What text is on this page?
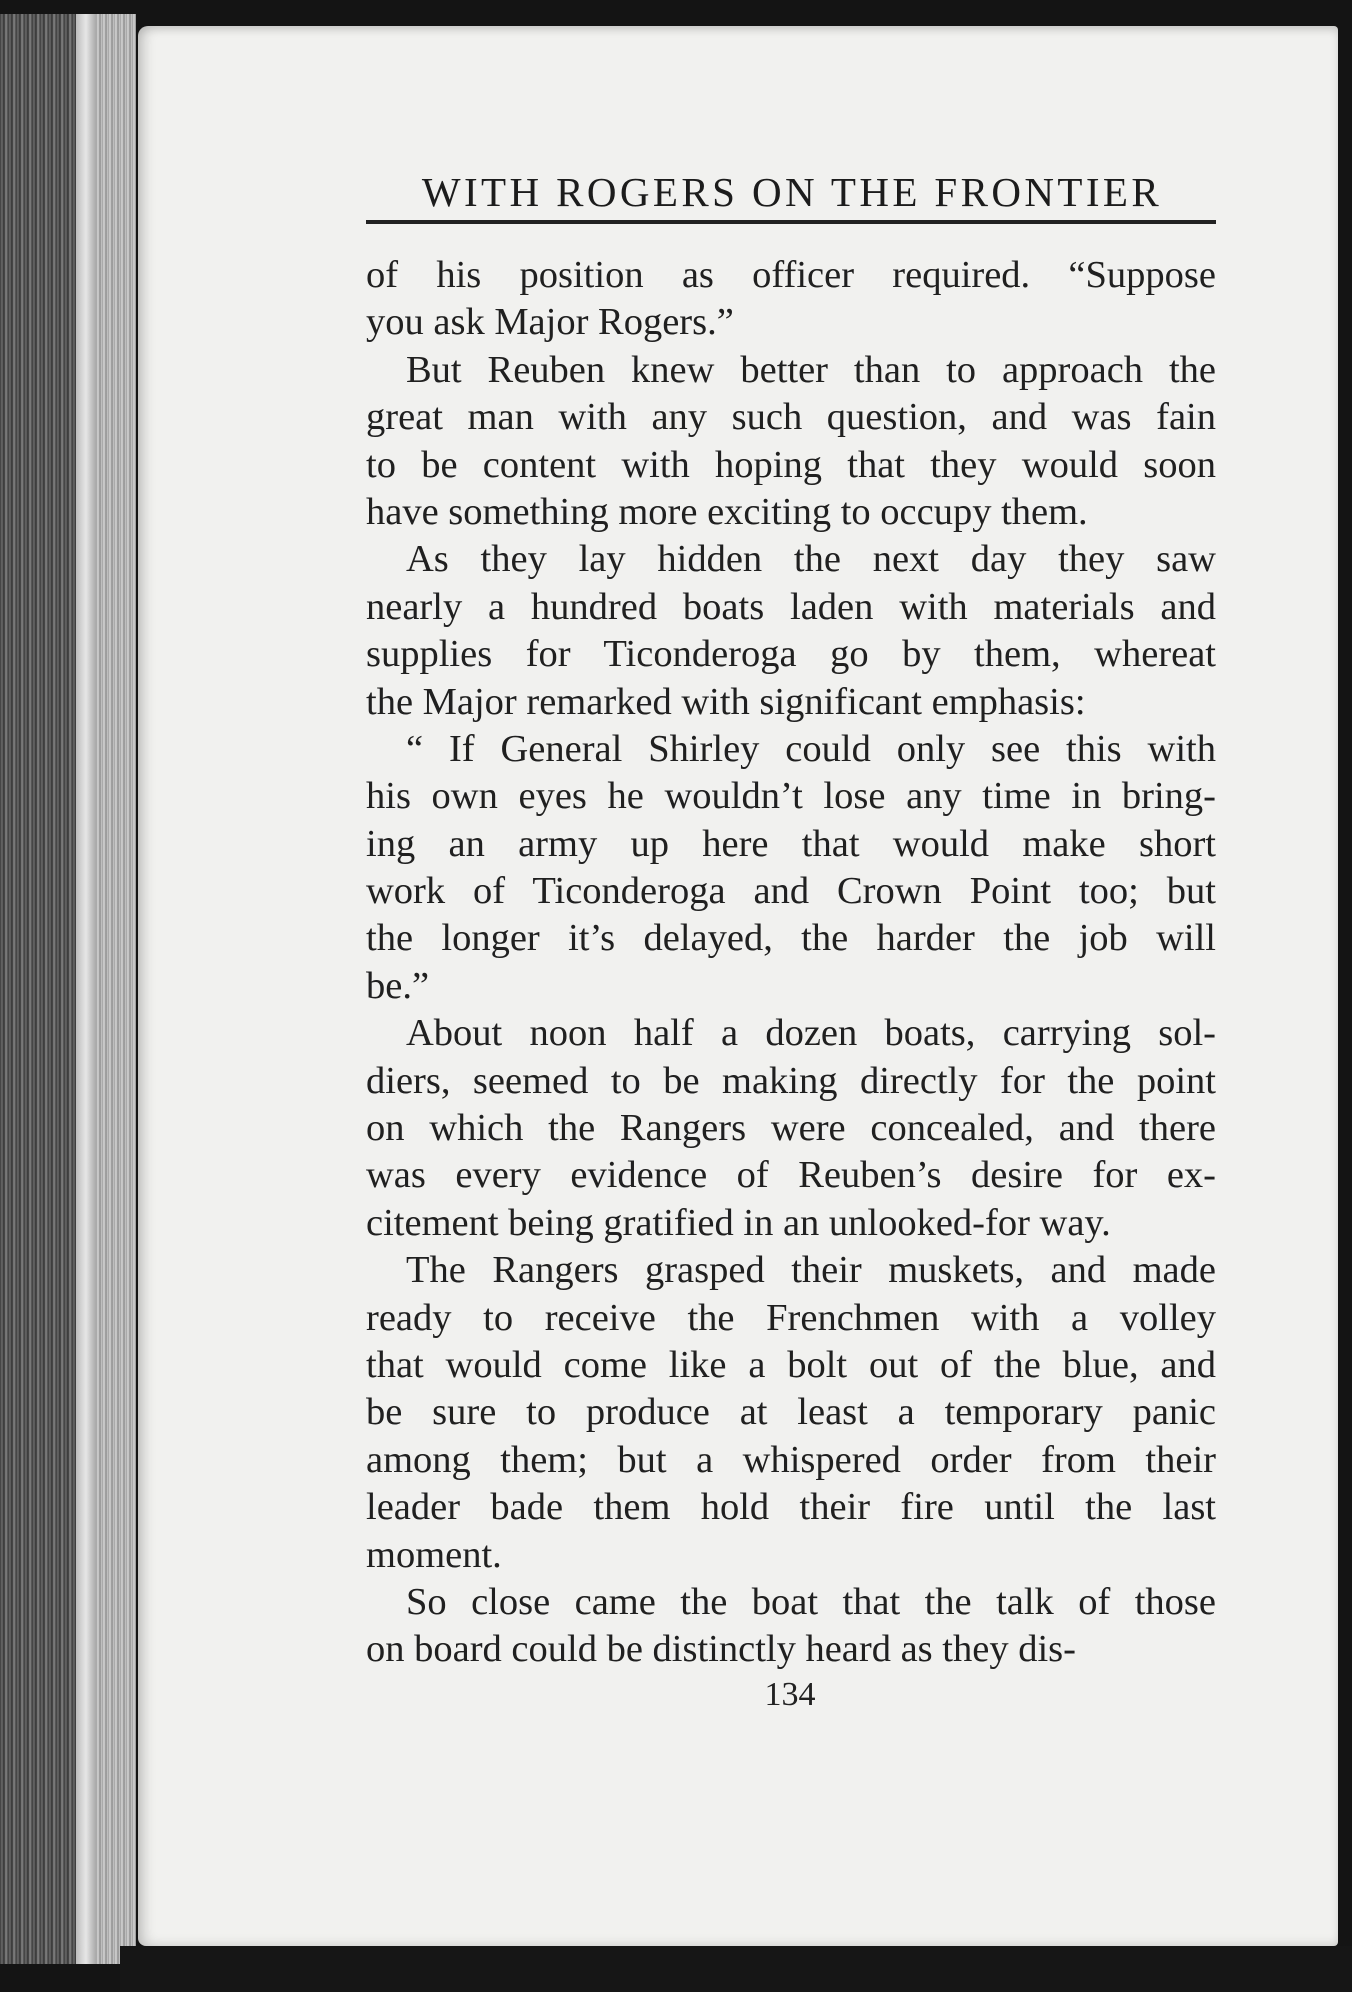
WITH ROGERS ON THE FRONTIER
of his position as officer required. “Suppose
you ask Major Rogers.”
But Reuben knew better than to approach the
great man with any such question, and was fain
to be content with hoping that they would soon
have something more exciting to occupy them.
As they lay hidden the next day they saw
nearly a hundred boats laden with materials and
supplies for Ticonderoga go by them, whereat
the Major remarked with significant emphasis:
“ If General Shirley could only see this with
his own eyes he wouldn’t lose any time in bring-
ing an army up here that would make short
work of Ticonderoga and Crown Point too; but
the longer it’s delayed, the harder the job will
be.”
About noon half a dozen boats, carrying sol-
diers, seemed to be making directly for the point
on which the Rangers were concealed, and there
was every evidence of Reuben’s desire for ex-
citement being gratified in an unlooked-for way.
The Rangers grasped their muskets, and made
ready to receive the Frenchmen with a volley
that would come like a bolt out of the blue, and
be sure to produce at least a temporary panic
among them; but a whispered order from their
leader bade them hold their fire until the last
moment.
So close came the boat that the talk of those
on board could be distinctly heard as they dis-
134
